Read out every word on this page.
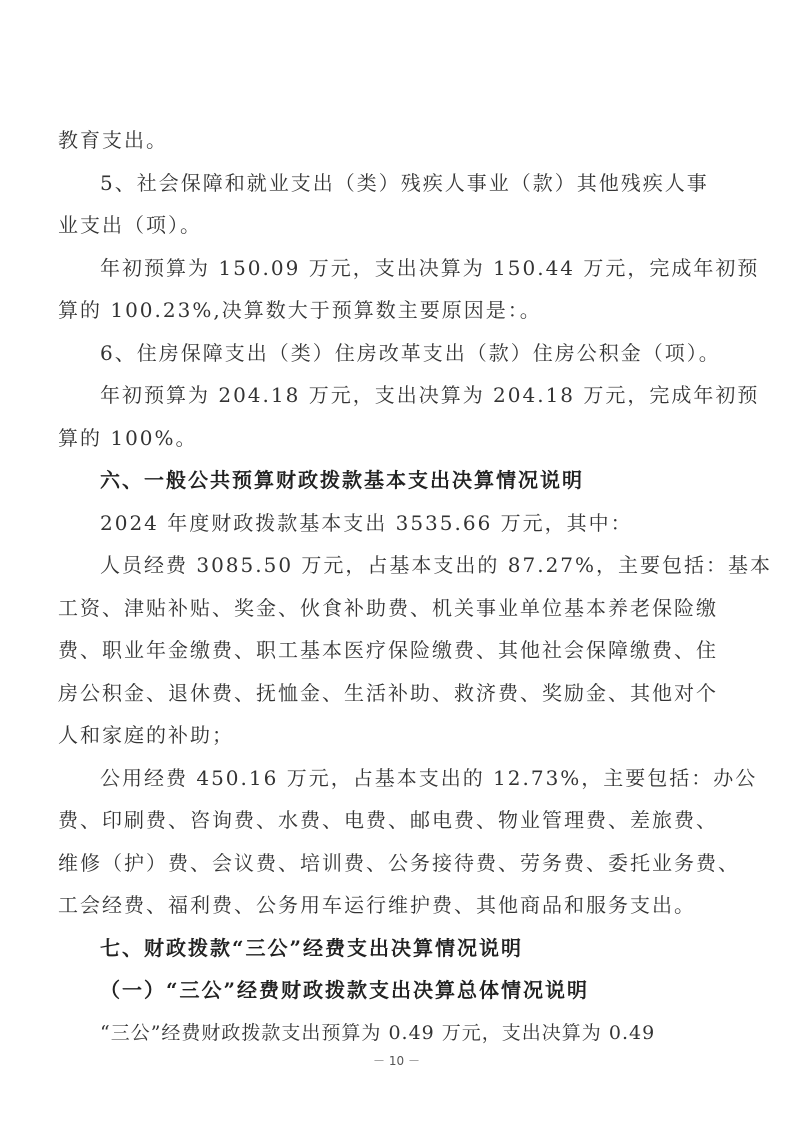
教育支出。

5、社会保障和就业支出（类）残疾人事业（款）其他残疾人事

业支出（项）。

年初预算为 150.09 万元，支出决算为 150.44 万元，完成年初预

算的 100.23%,决算数大于预算数主要原因是：。

6、住房保障支出（类）住房改革支出（款）住房公积金（项）。

年初预算为 204.18 万元，支出决算为 204.18 万元，完成年初预

算的 100%。

六、一般公共预算财政拨款基本支出决算情况说明

2024 年度财政拨款基本支出 3535.66 万元，其中：

人员经费 3085.50 万元，占基本支出的 87.27%，主要包括：基本

工资、津贴补贴、奖金、伙食补助费、机关事业单位基本养老保险缴

费、职业年金缴费、职工基本医疗保险缴费、其他社会保障缴费、住

房公积金、退休费、抚恤金、生活补助、救济费、奖励金、其他对个

人和家庭的补助；

公用经费 450.16 万元，占基本支出的 12.73%，主要包括：办公

费、印刷费、咨询费、水费、电费、邮电费、物业管理费、差旅费、

维修（护）费、会议费、培训费、公务接待费、劳务费、委托业务费、

工会经费、福利费、公务用车运行维护费、其他商品和服务支出。

七、财政拨款“三公”经费支出决算情况说明

（一）“三公”经费财政拨款支出决算总体情况说明

“三公”经费财政拨款支出预算为 0.49 万元，支出决算为 0.49

－ 10 －
